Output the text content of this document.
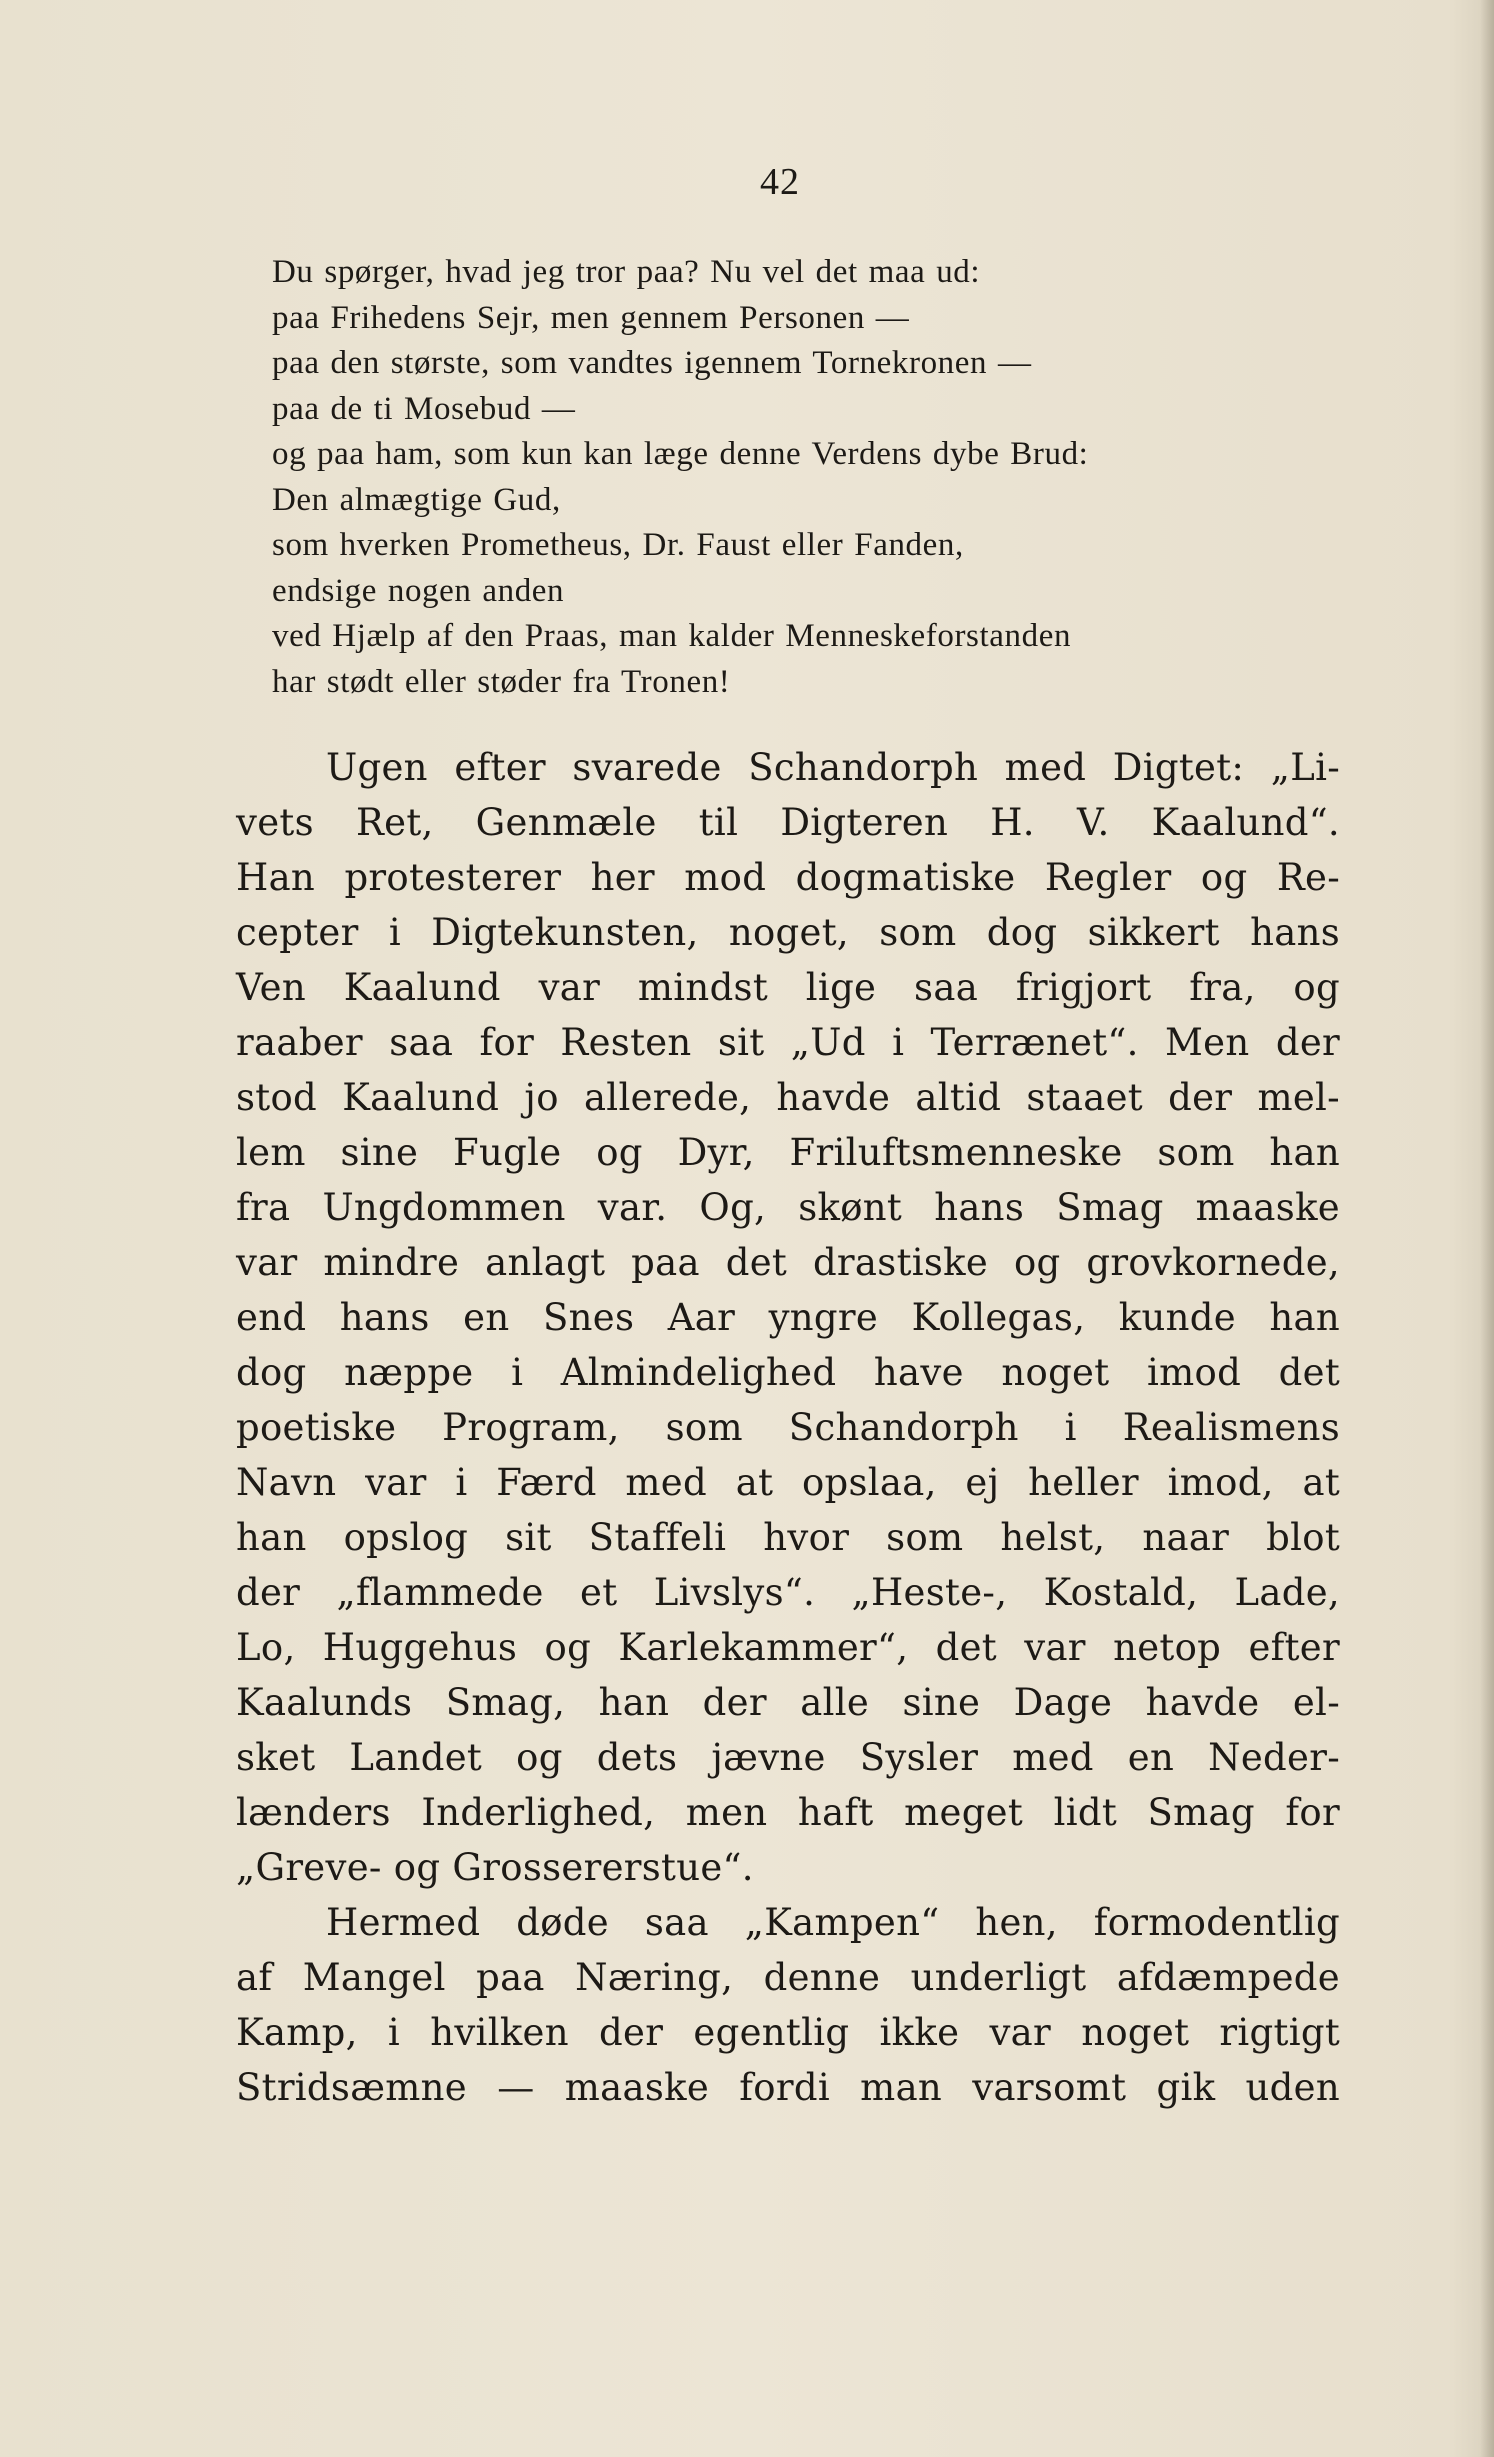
42
Du spørger, hvad jeg tror paa? Nu vel det maa ud:
paa Frihedens Sejr, men gennem Personen —
paa den største, som vandtes igennem Tornekronen —
paa de ti Mosebud —
og paa ham, som kun kan læge denne Verdens dybe Brud:
Den almægtige Gud,
som hverken Prometheus, Dr. Faust eller Fanden,
endsige nogen anden
ved Hjælp af den Praas, man kalder Menneskeforstanden
har stødt eller støder fra Tronen!
Ugen efter svarede Schandorph med Digtet: „Li-
vets Ret, Genmæle til Digteren H. V. Kaalund“.
Han protesterer her mod dogmatiske Regler og Re-
cepter i Digtekunsten, noget, som dog sikkert hans
Ven Kaalund var mindst lige saa frigjort fra, og
raaber saa for Resten sit „Ud i Terrænet“. Men der
stod Kaalund jo allerede, havde altid staaet der mel-
lem sine Fugle og Dyr, Friluftsmenneske som han
fra Ungdommen var. Og, skønt hans Smag maaske
var mindre anlagt paa det drastiske og grovkornede,
end hans en Snes Aar yngre Kollegas, kunde han
dog næppe i Almindelighed have noget imod det
poetiske Program, som Schandorph i Realismens
Navn var i Færd med at opslaa, ej heller imod, at
han opslog sit Staffeli hvor som helst, naar blot
der „flammede et Livslys“. „Heste-, Kostald, Lade,
Lo, Huggehus og Karlekammer“, det var netop efter
Kaalunds Smag, han der alle sine Dage havde el-
sket Landet og dets jævne Sysler med en Neder-
lænders Inderlighed, men haft meget lidt Smag for
„Greve- og Grossererstue“.
Hermed døde saa „Kampen“ hen, formodentlig
af Mangel paa Næring, denne underligt afdæmpede
Kamp, i hvilken der egentlig ikke var noget rigtigt
Stridsæmne — maaske fordi man varsomt gik uden
